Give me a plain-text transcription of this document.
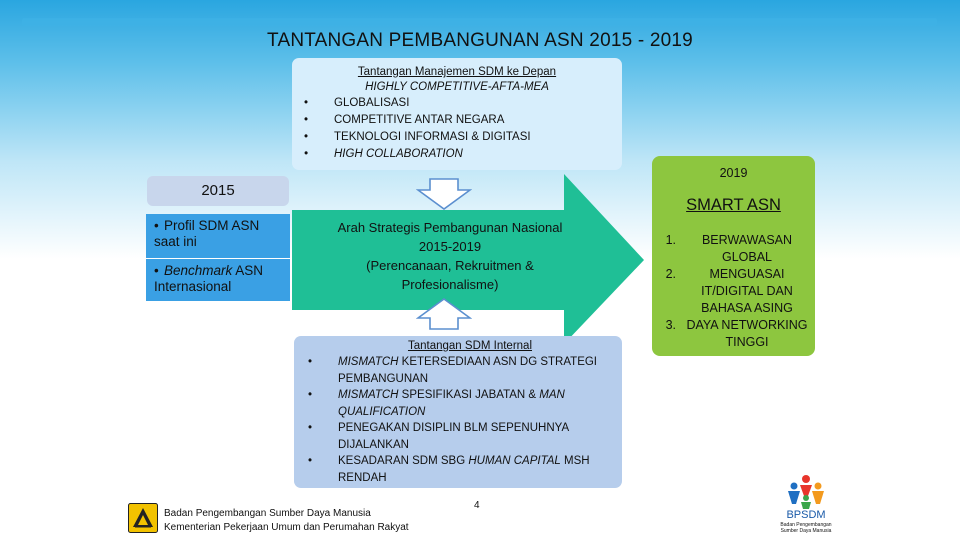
TANTANGAN PEMBANGUNAN ASN 2015 - 2019
Tantangan Manajemen SDM ke Depan
HIGHLY COMPETITIVE-AFTA-MEA
• GLOBALISASI
• COMPETITIVE ANTAR NEGARA
• TEKNOLOGI INFORMASI & DIGITASI
• HIGH COLLABORATION
2015
• Profil SDM ASN saat ini
• Benchmark ASN Internasional
Arah Strategis Pembangunan Nasional
2015-2019
(Perencanaan, Rekruitmen &
Profesionalisme)
Tantangan SDM Internal
• MISMATCH KETERSEDIAAN ASN DG STRATEGI PEMBANGUNAN
• MISMATCH SPESIFIKASI JABATAN & MAN QUALIFICATION
• PENEGAKAN DISIPLIN BLM SEPENUHNYA DIJALANKAN
• KESADARAN SDM SBG HUMAN CAPITAL MSH RENDAH
2019
SMART ASN
1.	BERWAWASAN GLOBAL
2.	MENGUASAI IT/DIGITAL DAN BAHASA ASING
3. DAYA NETWORKING TINGGI
4
Badan Pengembangan Sumber Daya Manusia
Kementerian Pekerjaan Umum dan Perumahan Rakyat
BPSDM
Badan Pengembangan
Sumber Daya Manusia
